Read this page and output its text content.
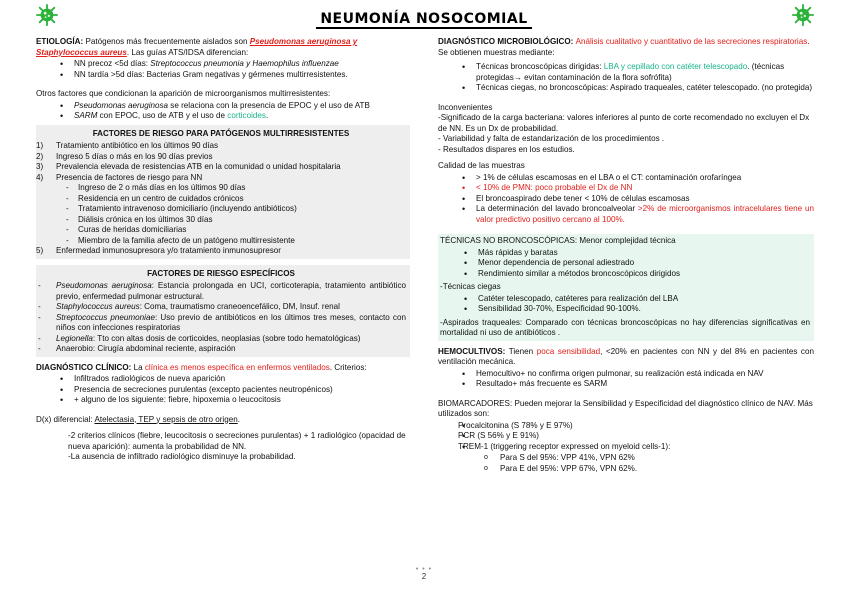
NEUMONÍA NOSOCOMIAL

ETIOLOGÍA: Patógenos más frecuentemente aislados son Pseudomonas aeruginosa y Staphylococcus aureus. Las guías ATS/IDSA diferencian:

• NN precoz <5d días: Streptococcus pneumonia y Haemophilus influenzae
• NN tardía >5d días: Bacterias Gram negativas y gérmenes multirresistentes.

Otros factores que condicionan la aparición de microorganismos multirresistentes:

• Pseudomonas aeruginosa se relaciona con la presencia de EPOC y el uso de ATB
• SARM con EPOC, uso de ATB y el uso de corticoides.
FACTORES DE RIESGO PARA PATÓGENOS MULTIRRESISTENTES
1) Tratamiento antibiótico en los últimos 90 días
2) Ingreso 5 días o más en los 90 días previos
3) Prevalencia elevada de resistencias ATB en la comunidad o unidad hospitalaria
4) Presencia de factores de riesgo para NN
- Ingreso de 2 o más días en los últimos 90 días
- Residencia en un centro de cuidados crónicos
- Tratamiento intravenoso domiciliario (incluyendo antibióticos)
- Diálisis crónica en los últimos 30 días
- Curas de heridas domiciliarias
- Miembro de la familia afecto de un patógeno multirresistente
5) Enfermedad inmunosupresora y/o tratamiento inmunosupresor
FACTORES DE RIESGO ESPECÍFICOS
- Pseudomonas aeruginosa: Estancia prolongada en UCI, corticoterapia, tratamiento antibiótico previo, enfermedad pulmonar estructural.
- Staphylococcus aureus: Coma, traumatismo craneoencefálico, DM, Insuf. renal
- Streptococcus pneumoniae: Uso previo de antibióticos en los últimos tres meses, contacto con niños con infecciones respiratorias
- Legionella: Tto con altas dosis de corticoides, neoplasias (sobre todo hematológicas)
- Anaerobio: Cirugía abdominal reciente, aspiración

DIAGNÓSTICO CLÍNICO: La clínica es menos específica en enfermos ventilados. Criterios:

• Infiltrados radiológicos de nueva aparición
• Presencia de secreciones purulentas (excepto pacientes neutropénicos)
• + alguno de los siguiente: fiebre, hipoxemia o leucocitosis

D(x) diferencial: Atelectasia, TEP y sepsis de otro origen.

-2 criterios clínicos (fiebre, leucocitosis o secreciones purulentas) + 1 radiológico (opacidad de nueva aparición): aumenta la probabilidad de NN.

-La ausencia de infiltrado radiológico disminuye la probabilidad.

DIAGNÓSTICO MICROBIOLÓGICO: Análisis cualitativo y cuantitativo de las secreciones respiratorias. Se obtienen muestras mediante:

• Técnicas broncoscópicas dirigidas: LBA y cepillado con catéter telescopado. (técnicas protegidas→ evitan contaminación de la flora sofrófita)
• Técnicas ciegas, no broncoscópicas: Aspirado traqueales, catéter telescopado. (no protegida)

Inconvenientes

-Significado de la carga bacteriana: valores inferiores al punto de corte recomendado no excluyen el Dx de NN. Es un Dx de probabilidad.

- Variabilidad y falta de estandarización de los procedimientos .

- Resultados dispares en los estudios.

Calidad de las muestras

• > 1% de células escamosas en el LBA o el CT: contaminación orofaríngea
• < 10% de PMN: poco probable el Dx de NN
• El broncoaspirado debe tener < 10% de células escamosas
• La determinación del lavado broncoalveolar >2% de microorganismos intracelulares tiene un valor predictivo positivo cercano al 100%.

TÉCNICAS NO BRONCOSCÓPICAS: Menor complejidad técnica

• Más rápidas y baratas
• Menor dependencia de personal adiestrado
• Rendimiento similar a métodos broncoscópicos dirigidos

-Técnicas ciegas

• Catéter telescopado, catéteres para realización del LBA
• Sensibilidad 30-70%, Especificidad 90-100%.

-Aspirados traqueales: Comparado con técnicas broncoscópicas no hay diferencias significativas en mortalidad ni uso de antibióticos .

HEMOCULTIVOS: Tienen poca sensibilidad, <20% en pacientes con NN y del 8% en pacientes con ventilación mecánica.

• Hemocultivo+ no confirma origen pulmonar, su realización está indicada en NAV
• Resultado+ más frecuente es SARM

BIOMARCADORES: Pueden mejorar la Sensibilidad y Especificidad del diagnóstico clínico de NAV. Más utilizados son:

• Procalcitonina (S 78% y E 97%)
• PCR (S 56% y E 91%)
• TREM-1 (triggering receptor expressed on myeloid cells-1):
o Para S del 95%: VPP 41%, VPN 62%
o Para E del 95%: VPP 67%, VPN 62%.
• • •
2
